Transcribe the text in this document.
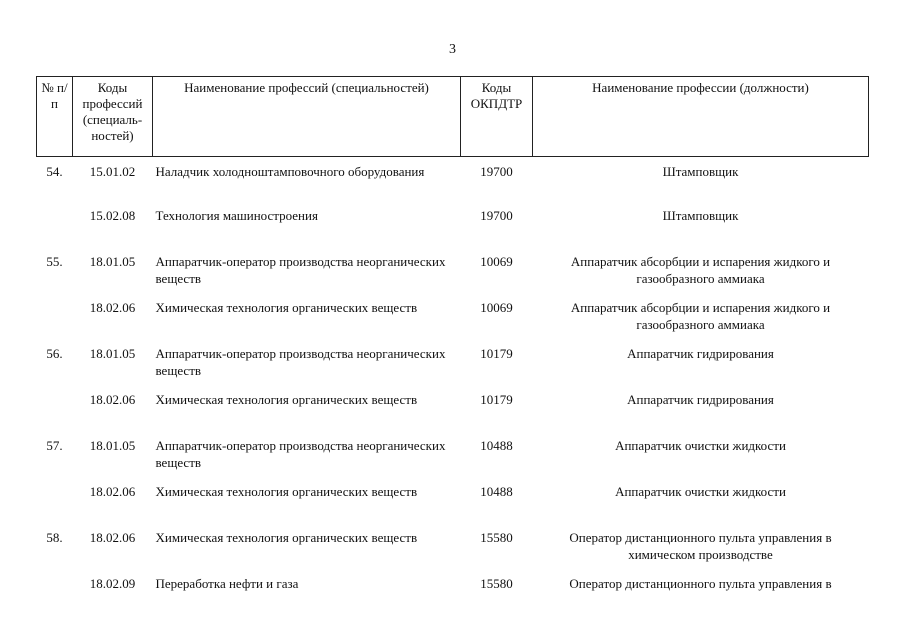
3
№ п/п	Коды профессий (специаль-ностей)	Наименование профессий (специальностей)	Коды ОКПДТР	Наименование профессии (должности)
54.	15.01.02	Наладчик холодноштамповочного оборудования	19700	Штамповщик
	15.02.08	Технология машиностроения	19700	Штамповщик
55.	18.01.05	Аппаратчик-оператор производства неорганических веществ	10069	Аппаратчик абсорбции и испарения жидкого и газообразного аммиака
	18.02.06	Химическая технология органических веществ	10069	Аппаратчик абсорбции и испарения жидкого и газообразного аммиака
56.	18.01.05	Аппаратчик-оператор производства неорганических веществ	10179	Аппаратчик гидрирования
	18.02.06	Химическая технология органических веществ	10179	Аппаратчик гидрирования
57.	18.01.05	Аппаратчик-оператор производства неорганических веществ	10488	Аппаратчик очистки жидкости
	18.02.06	Химическая технология органических веществ	10488	Аппаратчик очистки жидкости
58.	18.02.06	Химическая технология органических веществ	15580	Оператор дистанционного пульта управления в химическом производстве
	18.02.09	Переработка нефти и газа	15580	Оператор дистанционного пульта управления в
